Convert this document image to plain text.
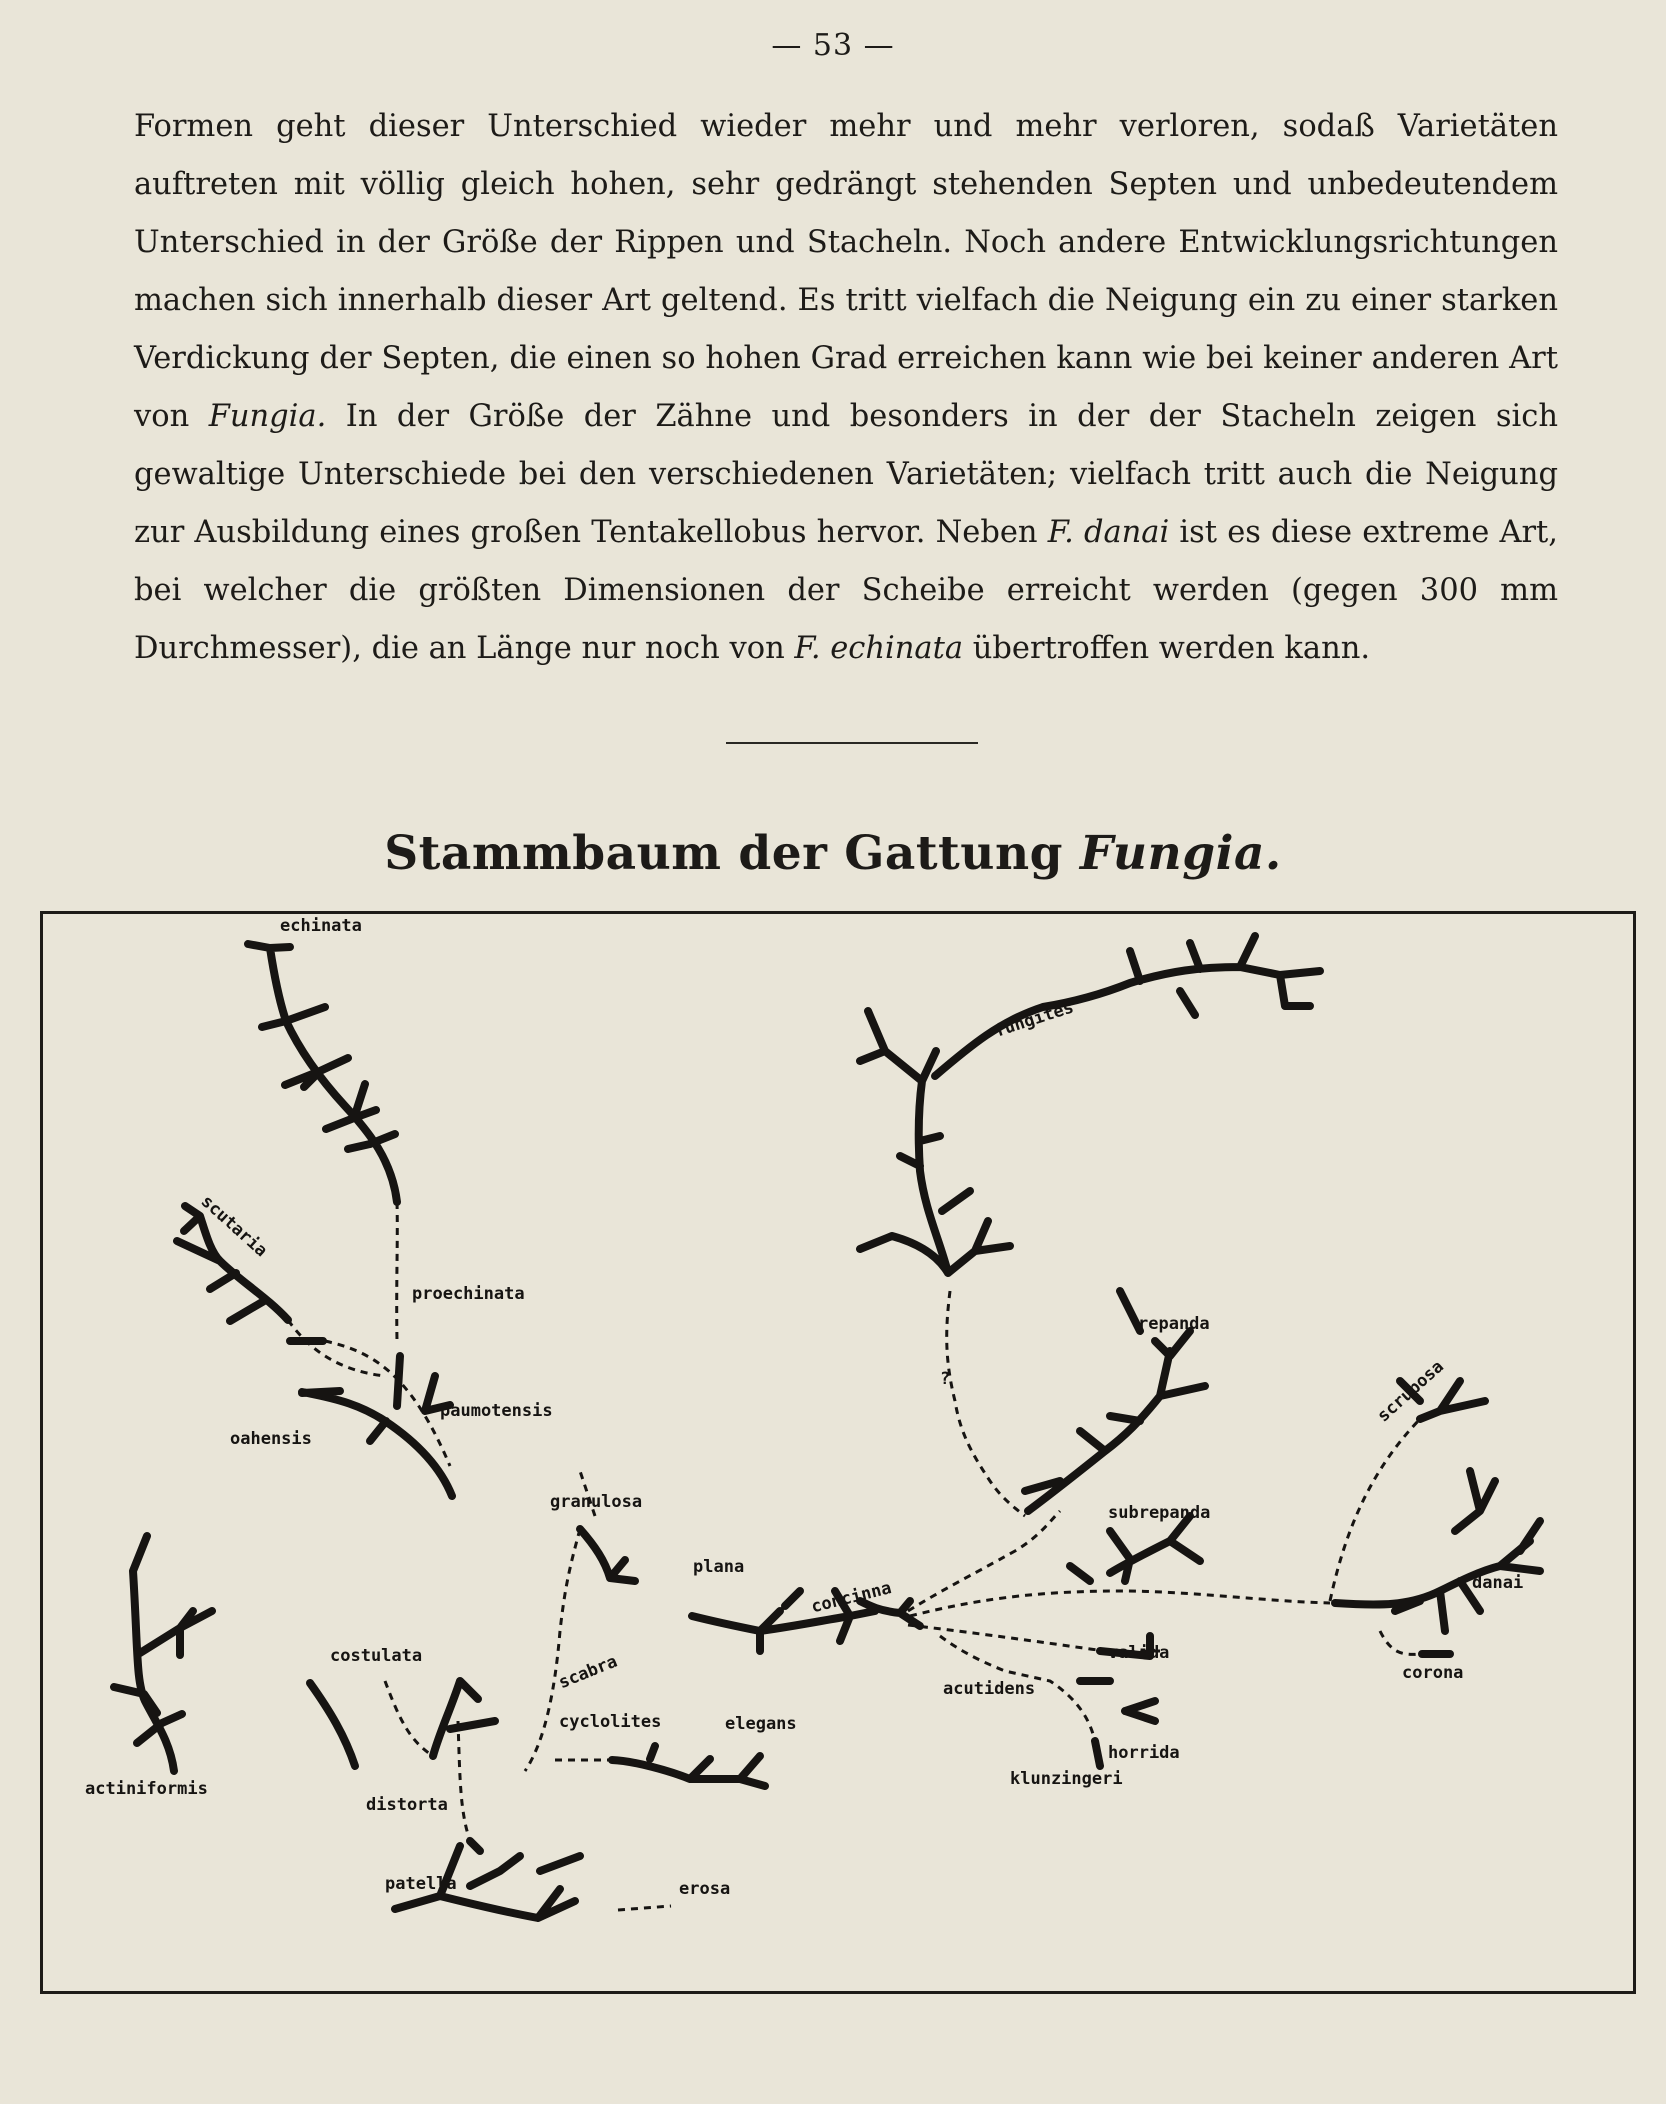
— 53 —

Formen geht dieser Unterschied wieder mehr und mehr verloren, sodaß Varietäten auftreten mit völlig gleich hohen, sehr gedrängt stehenden Septen und unbedeutendem Unterschied in der Größe der Rippen und Stacheln. Noch andere Entwicklungsrichtungen machen sich innerhalb dieser Art geltend. Es tritt vielfach die Neigung ein zu einer starken Verdickung der Septen, die einen so hohen Grad erreichen kann wie bei keiner anderen Art von Fungia. In der Größe der Zähne und besonders in der der Stacheln zeigen sich gewaltige Unterschiede bei den verschiedenen Varietäten; vielfach tritt auch die Neigung zur Ausbildung eines großen Tentakellobus hervor. Neben F. danai ist es diese extreme Art, bei welcher die größten Dimensionen der Scheibe erreicht werden (gegen 300 mm Durchmesser), die an Länge nur noch von F. echinata übertroffen werden kann.

Stammbaum der Gattung Fungia.
echinata
scutaria
proechinata
paumotensis
oahensis
actiniformis
costulata
granulosa
scabra
plana
cyclolites	elegans
distorta
patella	erosa
fungites
repanda
?
concinna
subrepanda
scruposa
danai
valida
acutidens
horrida
klunzingeri
corona
